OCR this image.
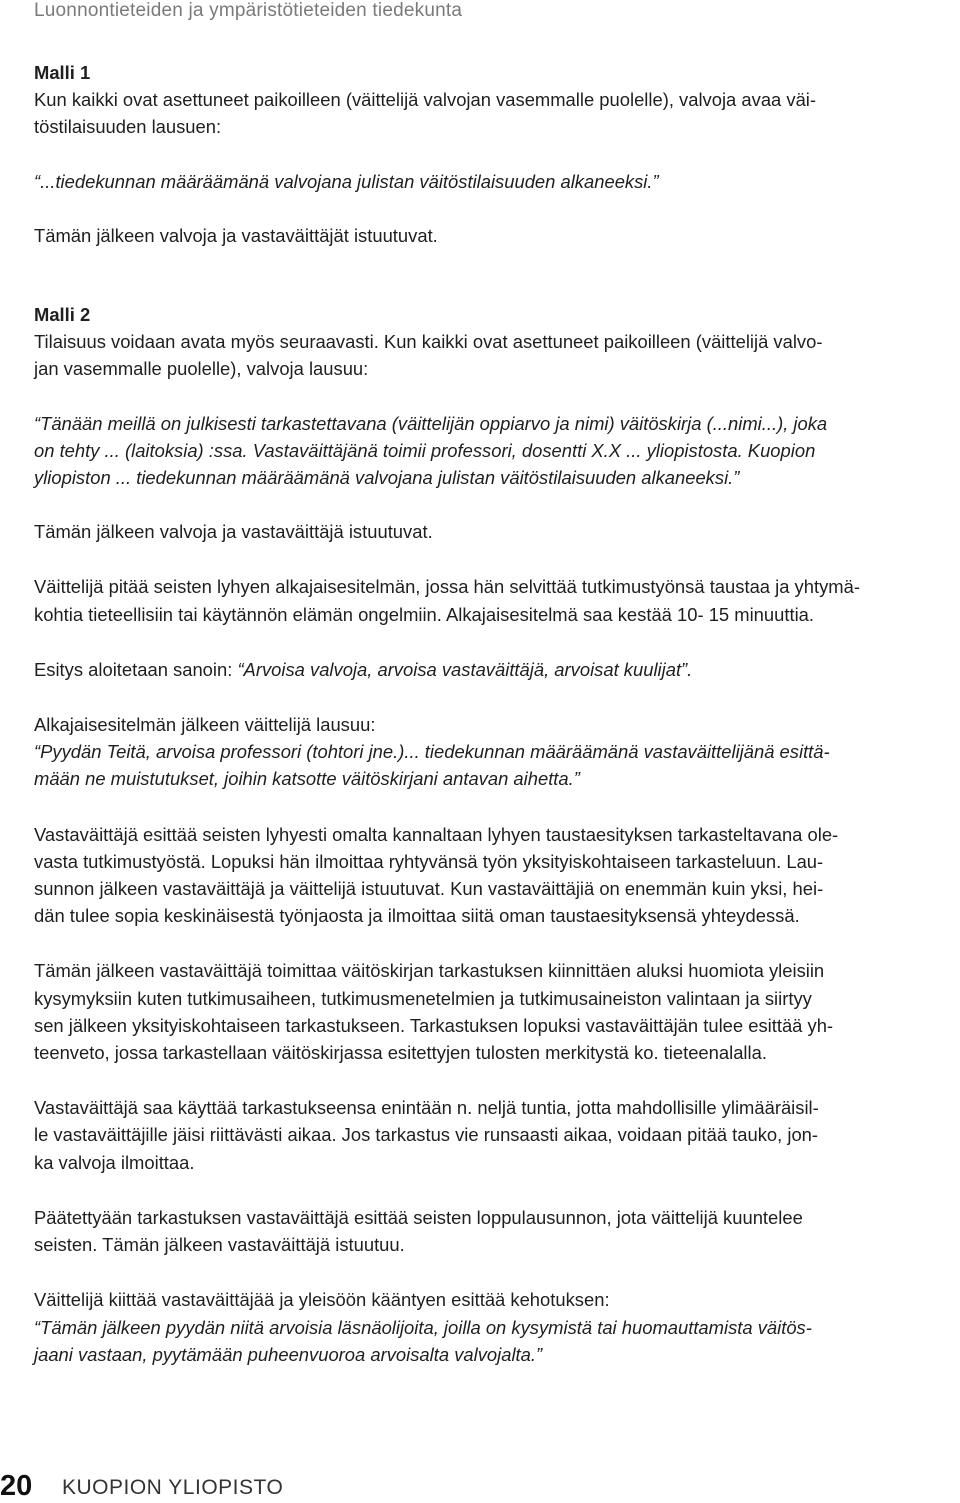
Luonnontieteiden ja ympäristötieteiden tiedekunta

Malli 1

Kun kaikki ovat asettuneet paikoilleen (väittelijä valvojan vasemmalle puolelle), valvoja avaa väi-

töstilaisuuden lausuen:

“...tiedekunnan määräämänä valvojana julistan väitöstilaisuuden alkaneeksi.”

Tämän jälkeen valvoja ja vastaväittäjät istuutuvat.

Malli 2

Tilaisuus voidaan avata myös seuraavasti. Kun kaikki ovat asettuneet paikoilleen (väittelijä valvo-

jan vasemmalle puolelle), valvoja lausuu:

“Tänään meillä on julkisesti tarkastettavana (väittelijän oppiarvo ja nimi) väitöskirja (...nimi...), joka

on tehty ... (laitoksia) :ssa. Vastaväittäjänä toimii professori, dosentti X.X ... yliopistosta. Kuopion

yliopiston ... tiedekunnan määräämänä valvojana julistan väitöstilaisuuden alkaneeksi.”

Tämän jälkeen valvoja ja vastaväittäjä istuutuvat.

Väittelijä pitää seisten lyhyen alkajaisesitelmän, jossa hän selvittää tutkimustyönsä taustaa ja yhtymä-

kohtia tieteellisiin tai käytännön elämän ongelmiin. Alkajaisesitelmä saa kestää 10- 15 minuuttia.

Esitys aloitetaan sanoin: “Arvoisa valvoja, arvoisa vastaväittäjä, arvoisat kuulijat”.

Alkajaisesitelmän jälkeen väittelijä lausuu:

“Pyydän Teitä, arvoisa professori (tohtori jne.)... tiedekunnan määräämänä vastaväittelijänä esittä-

mään ne muistutukset, joihin katsotte väitöskirjani antavan aihetta.”

Vastaväittäjä esittää seisten lyhyesti omalta kannaltaan lyhyen taustaesityksen tarkasteltavana ole-

vasta tutkimustyöstä. Lopuksi hän ilmoittaa ryhtyvänsä työn yksityiskohtaiseen tarkasteluun. Lau-

sunnon jälkeen vastaväittäjä ja väittelijä istuutuvat. Kun vastaväittäjiä on enemmän kuin yksi, hei-

dän tulee sopia keskinäisestä työnjaosta ja ilmoittaa siitä oman taustaesityksensä yhteydessä.

Tämän jälkeen vastaväittäjä toimittaa väitöskirjan tarkastuksen kiinnittäen aluksi huomiota yleisiin

kysymyksiin kuten tutkimusaiheen, tutkimusmenetelmien ja tutkimusaineiston valintaan ja siirtyy

sen jälkeen yksityiskohtaiseen tarkastukseen. Tarkastuksen lopuksi vastaväittäjän tulee esittää yh-

teenveto, jossa tarkastellaan väitöskirjassa esitettyjen tulosten merkitystä ko. tieteenalalla.

Vastaväittäjä saa käyttää tarkastukseensa enintään n. neljä tuntia, jotta mahdollisille ylimääräisil-

le vastaväittäjille jäisi riittävästi aikaa. Jos tarkastus vie runsaasti aikaa, voidaan pitää tauko, jon-

ka valvoja ilmoittaa.

Päätettyään tarkastuksen vastaväittäjä esittää seisten loppulausunnon, jota väittelijä kuuntelee

seisten. Tämän jälkeen vastaväittäjä istuutuu.

Väittelijä kiittää vastaväittäjää ja yleisöön kääntyen esittää kehotuksen:

“Tämän jälkeen pyydän niitä arvoisia läsnäolijoita, joilla on kysymistä tai huomauttamista väitös-

jaani vastaan, pyytämään puheenvuoroa arvoisalta valvojalta.”

20 KUOPION YLIOPISTO
